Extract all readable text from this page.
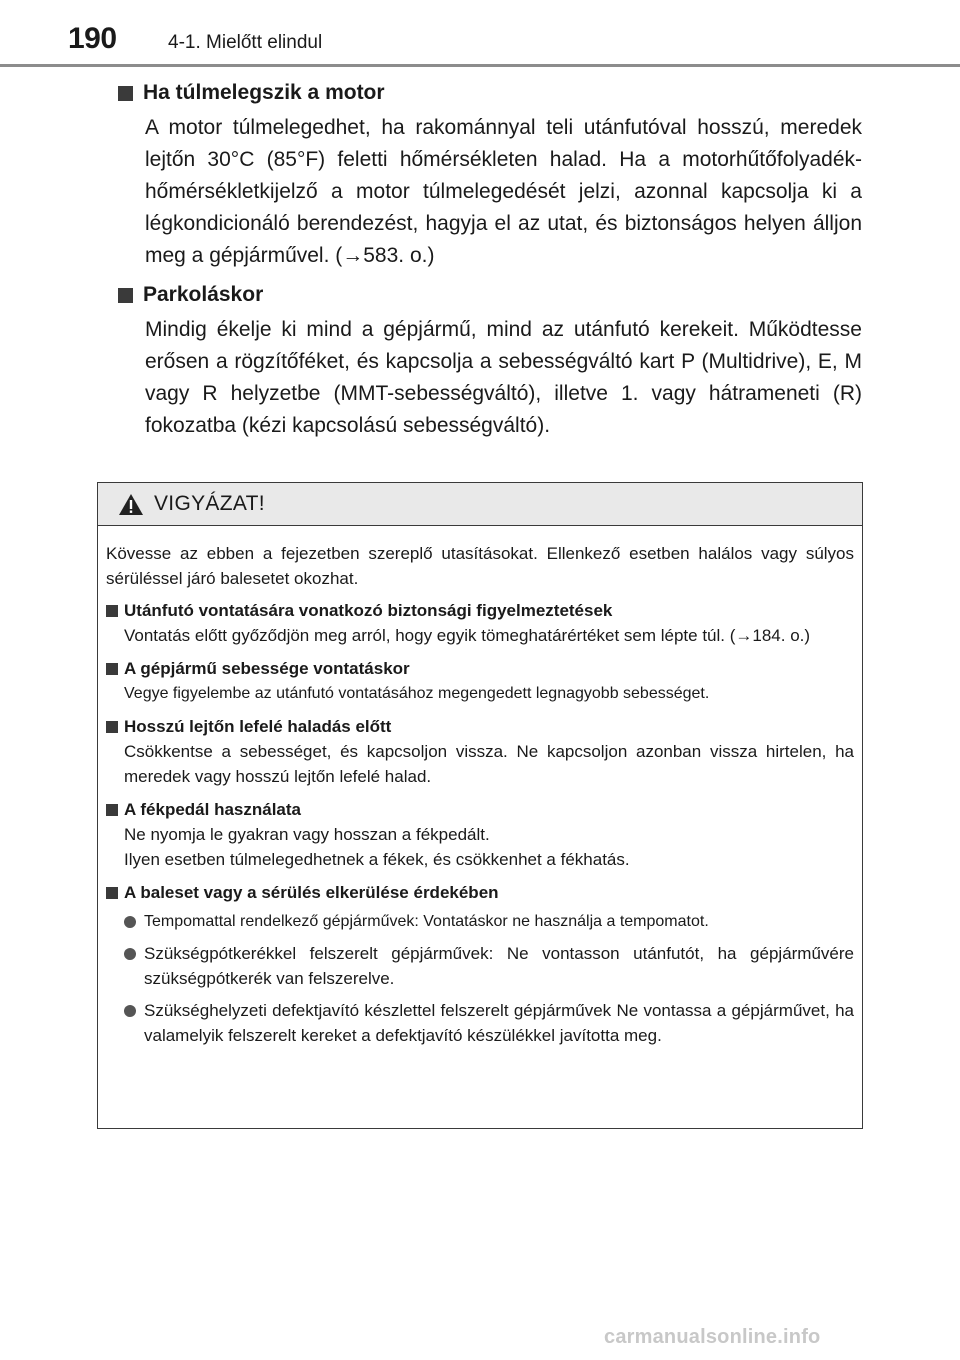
190	4-1. Mielőtt elindul
Ha túlmelegszik a motor
A motor túlmelegedhet, ha rakománnyal teli utánfutóval hosszú, meredek lejtőn 30°C (85°F) feletti hőmérsékleten halad. Ha a motorhűtőfolyadék-hőmérsékletkijelző a motor túlmelegedését jelzi, azonnal kapcsolja ki a légkondicionáló berendezést, hagyja el az utat, és biztonságos helyen álljon meg a gépjárművel. (→583. o.)
Parkoláskor
Mindig ékelje ki mind a gépjármű, mind az utánfutó kerekeit. Működtesse erősen a rögzítőféket, és kapcsolja a sebességváltó kart P (Multidrive), E, M vagy R helyzetbe (MMT-sebességváltó), illetve 1. vagy hátrameneti (R) fokozatba (kézi kapcsolású sebességváltó).
VIGYÁZAT!
Kövesse az ebben a fejezetben szereplő utasításokat. Ellenkező esetben halálos vagy súlyos sérüléssel járó balesetet okozhat.
Utánfutó vontatására vonatkozó biztonsági figyelmeztetések
Vontatás előtt győződjön meg arról, hogy egyik tömeghatárértéket sem lépte túl. (→184. o.)
A gépjármű sebessége vontatáskor
Vegye figyelembe az utánfutó vontatásához megengedett legnagyobb sebességet.
Hosszú lejtőn lefelé haladás előtt
Csökkentse a sebességet, és kapcsoljon vissza. Ne kapcsoljon azonban vissza hirtelen, ha meredek vagy hosszú lejtőn lefelé halad.
A fékpedál használata
Ne nyomja le gyakran vagy hosszan a fékpedált.
Ilyen esetben túlmelegedhetnek a fékek, és csökkenhet a fékhatás.
A baleset vagy a sérülés elkerülése érdekében
Tempomattal rendelkező gépjárművek: Vontatáskor ne használja a tempomatot.
Szükségpótkerékkel felszerelt gépjárművek: Ne vontasson utánfutót, ha gépjárművére szükségpótkerék van felszerelve.
Szükséghelyzeti defektjavító készlettel felszerelt gépjárművek Ne vontassa a gépjárművet, ha valamelyik felszerelt kereket a defektjavító készülékkel javította meg.
carmanualsonline.info
